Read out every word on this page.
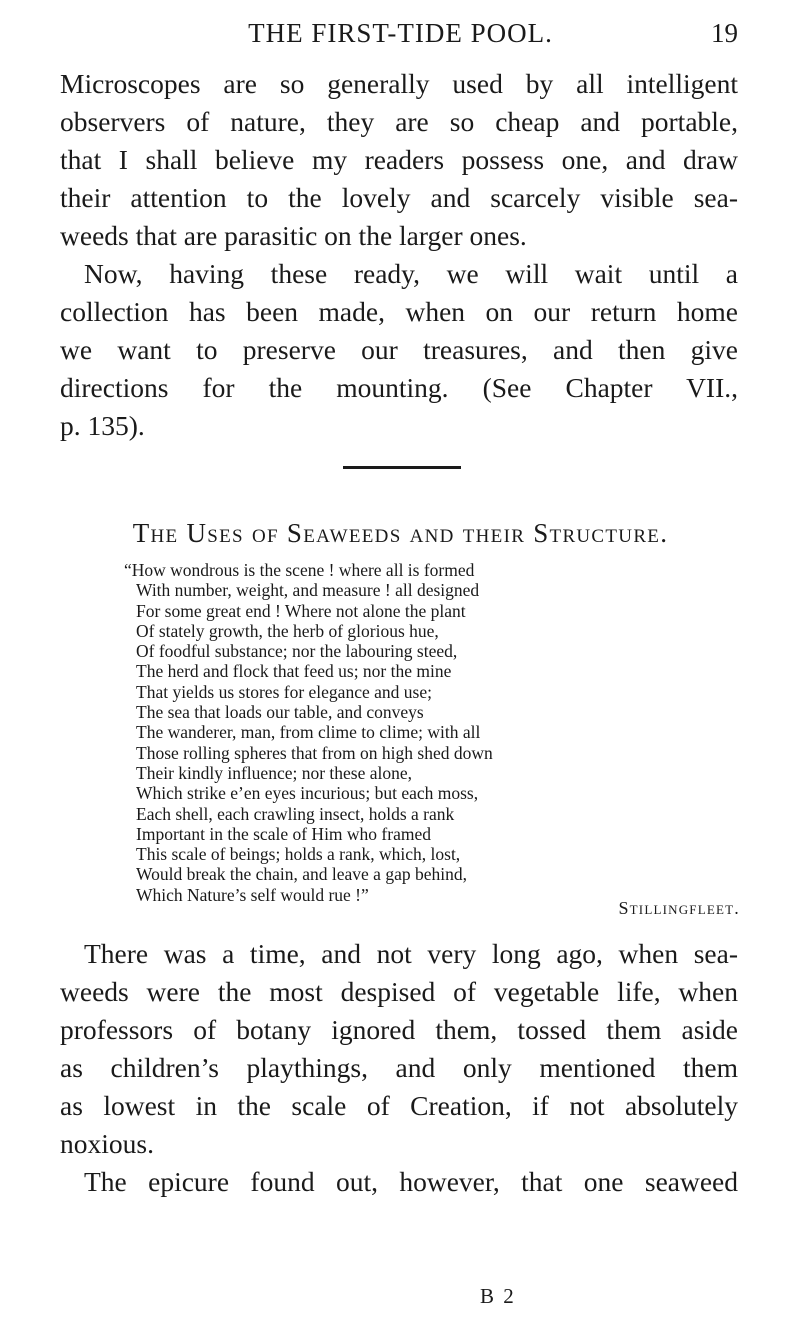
THE FIRST-TIDE POOL.	19

Microscopes are so generally used by all intelligent
observers of nature, they are so cheap and portable,
that I shall believe my readers possess one, and draw
their attention to the lovely and scarcely visible sea-
weeds that are parasitic on the larger ones.
Now, having these ready, we will wait until a
collection has been made, when on our return home
we want to preserve our treasures, and then give
directions for the mounting. (See Chapter VII.,
p. 135).

The Uses of Seaweeds and their Structure.

“How wondrous is the scene ! where all is formed
With number, weight, and measure ! all designed
For some great end ! Where not alone the plant
Of stately growth, the herb of glorious hue,
Of foodful substance; nor the labouring steed,
The herd and flock that feed us; nor the mine
That yields us stores for elegance and use;
The sea that loads our table, and conveys
The wanderer, man, from clime to clime; with all
Those rolling spheres that from on high shed down
Their kindly influence; nor these alone,
Which strike e’en eyes incurious; but each moss,
Each shell, each crawling insect, holds a rank
Important in the scale of Him who framed
This scale of beings; holds a rank, which, lost,
Would break the chain, and leave a gap behind,
Which Nature’s self would rue !”

Stillingfleet.

There was a time, and not very long ago, when sea-
weeds were the most despised of vegetable life, when
professors of botany ignored them, tossed them aside
as children’s playthings, and only mentioned them
as lowest in the scale of Creation, if not absolutely
noxious.
The epicure found out, however, that one seaweed

B 2
